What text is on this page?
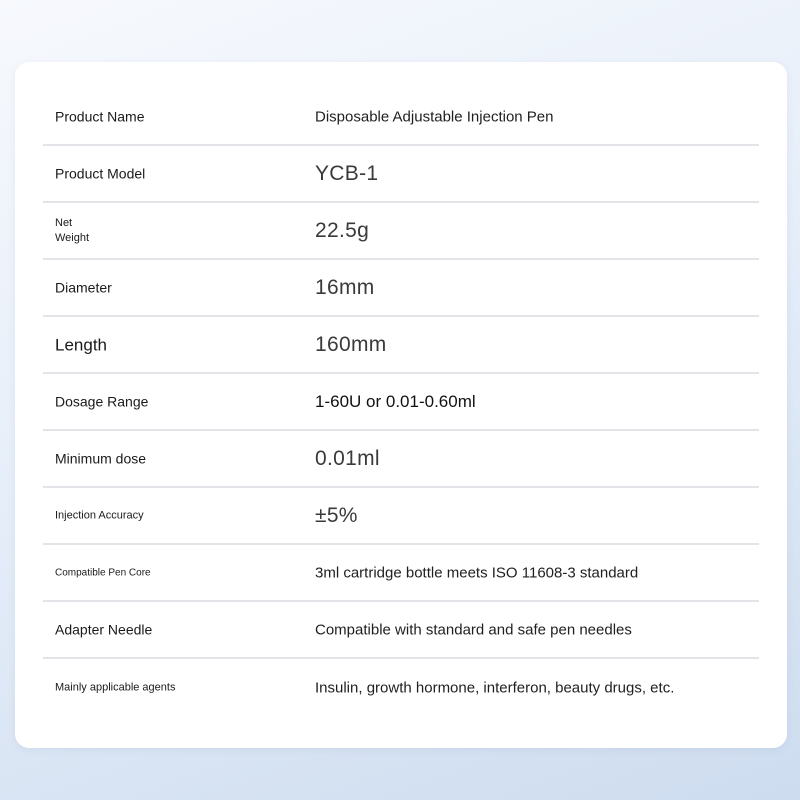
Product Name	Disposable Adjustable Injection Pen
Product Model	YCB-1
Net Weight	22.5g
Diameter	16mm
Length	160mm
Dosage Range	1-60U or 0.01-0.60ml
Minimum dose	0.01ml
Injection Accuracy	±5%
Compatible Pen Core	3ml cartridge bottle meets ISO 11608-3 standard
Adapter Needle	Compatible with standard and safe pen needles
Mainly applicable agents	Insulin, growth hormone, interferon, beauty drugs, etc.
